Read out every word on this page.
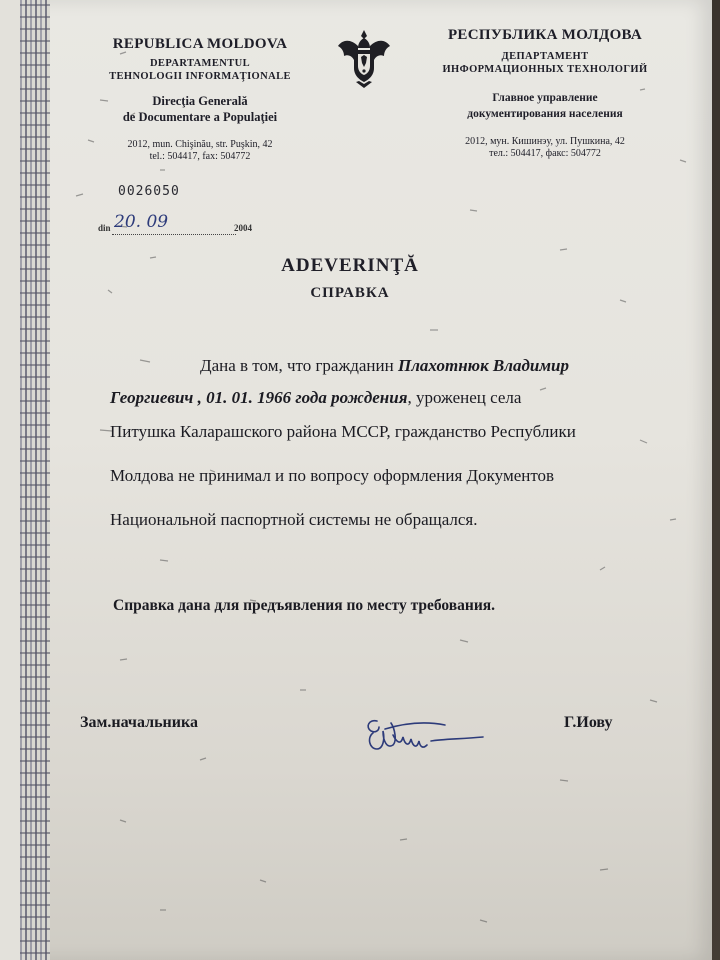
REPUBLICA MOLDOVA
DEPARTAMENTUL
TEHNOLOGII INFORMAŢIONALE
Direcţia Generală
de Documentare a Populaţiei
2012, mun. Chişinău, str. Puşkin, 42
tel.: 504417, fax: 504772
РЕСПУБЛИКА МОЛДОВА
ДЕПАРТАМЕНТ
ИНФОРМАЦИОННЫХ ТЕХНОЛОГИЙ
Главное управление
документирования населения
2012, мун. Кишинэу, ул. Пушкина, 42
тел.: 504417, факс: 504772
0026050
din 20. 09	2004
ADEVERINŢĂ
СПРАВКА
Дана в том, что гражданин Плахотнюк Владимир
Георгиевич , 01. 01. 1966 года рождения, уроженец села
Питушка Каларашского района МССР, гражданство Республики
Молдова не принимал и по вопросу оформления Документов
Национальной паспортной системы не обращался.
Справка дана для предъявления по месту требования.
Зам.начальника	Г.Иову
